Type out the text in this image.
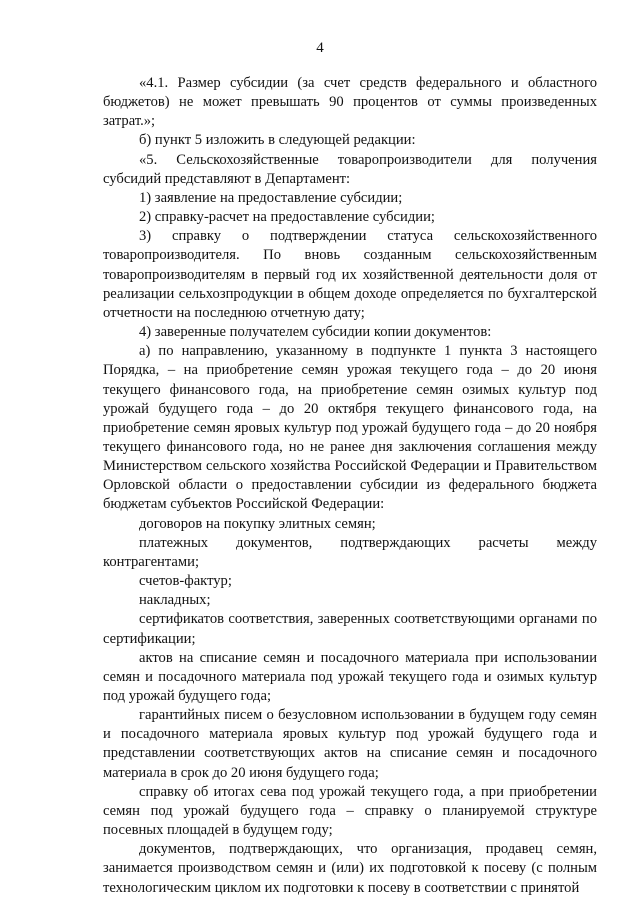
4

«4.1. Размер субсидии (за счет средств федерального и областного бюджетов) не может превышать 90 процентов от суммы произведенных затрат.»;

б) пункт 5 изложить в следующей редакции:

«5. Сельскохозяйственные товаропроизводители для получения субсидий представляют в Департамент:

1) заявление на предоставление субсидии;

2) справку-расчет на предоставление субсидии;

3) справку о подтверждении статуса сельскохозяйственного товаропроизводителя. По вновь созданным сельскохозяйственным товаропроизводителям в первый год их хозяйственной деятельности доля от реализации сельхозпродукции в общем доходе определяется по бухгалтерской отчетности на последнюю отчетную дату;

4) заверенные получателем субсидии копии документов:

а) по направлению, указанному в подпункте 1 пункта 3 настоящего Порядка, – на приобретение семян урожая текущего года – до 20 июня текущего финансового года, на приобретение семян озимых культур под урожай будущего года – до 20 октября текущего финансового года, на приобретение семян яровых культур под урожай будущего года – до 20 ноября текущего финансового года, но не ранее дня заключения соглашения между Министерством сельского хозяйства Российской Федерации и Правительством Орловской области о предоставлении субсидии из федерального бюджета бюджетам субъектов Российской Федерации:

договоров на покупку элитных семян;

платежных документов, подтверждающих расчеты между контрагентами;

счетов-фактур;

накладных;

сертификатов соответствия, заверенных соответствующими органами по сертификации;

актов на списание семян и посадочного материала при использовании семян и посадочного материала под урожай текущего года и озимых культур под урожай будущего года;

гарантийных писем о безусловном использовании в будущем году семян и посадочного материала яровых культур под урожай будущего года и представлении соответствующих актов на списание семян и посадочного материала в срок до 20 июня будущего года;

справку об итогах сева под урожай текущего года, а при приобретении семян под урожай будущего года – справку о планируемой структуре посевных площадей в будущем году;

документов, подтверждающих, что организация, продавец семян, занимается производством семян и (или) их подготовкой к посеву (с полным технологическим циклом их подготовки к посеву в соответствии с принятой
